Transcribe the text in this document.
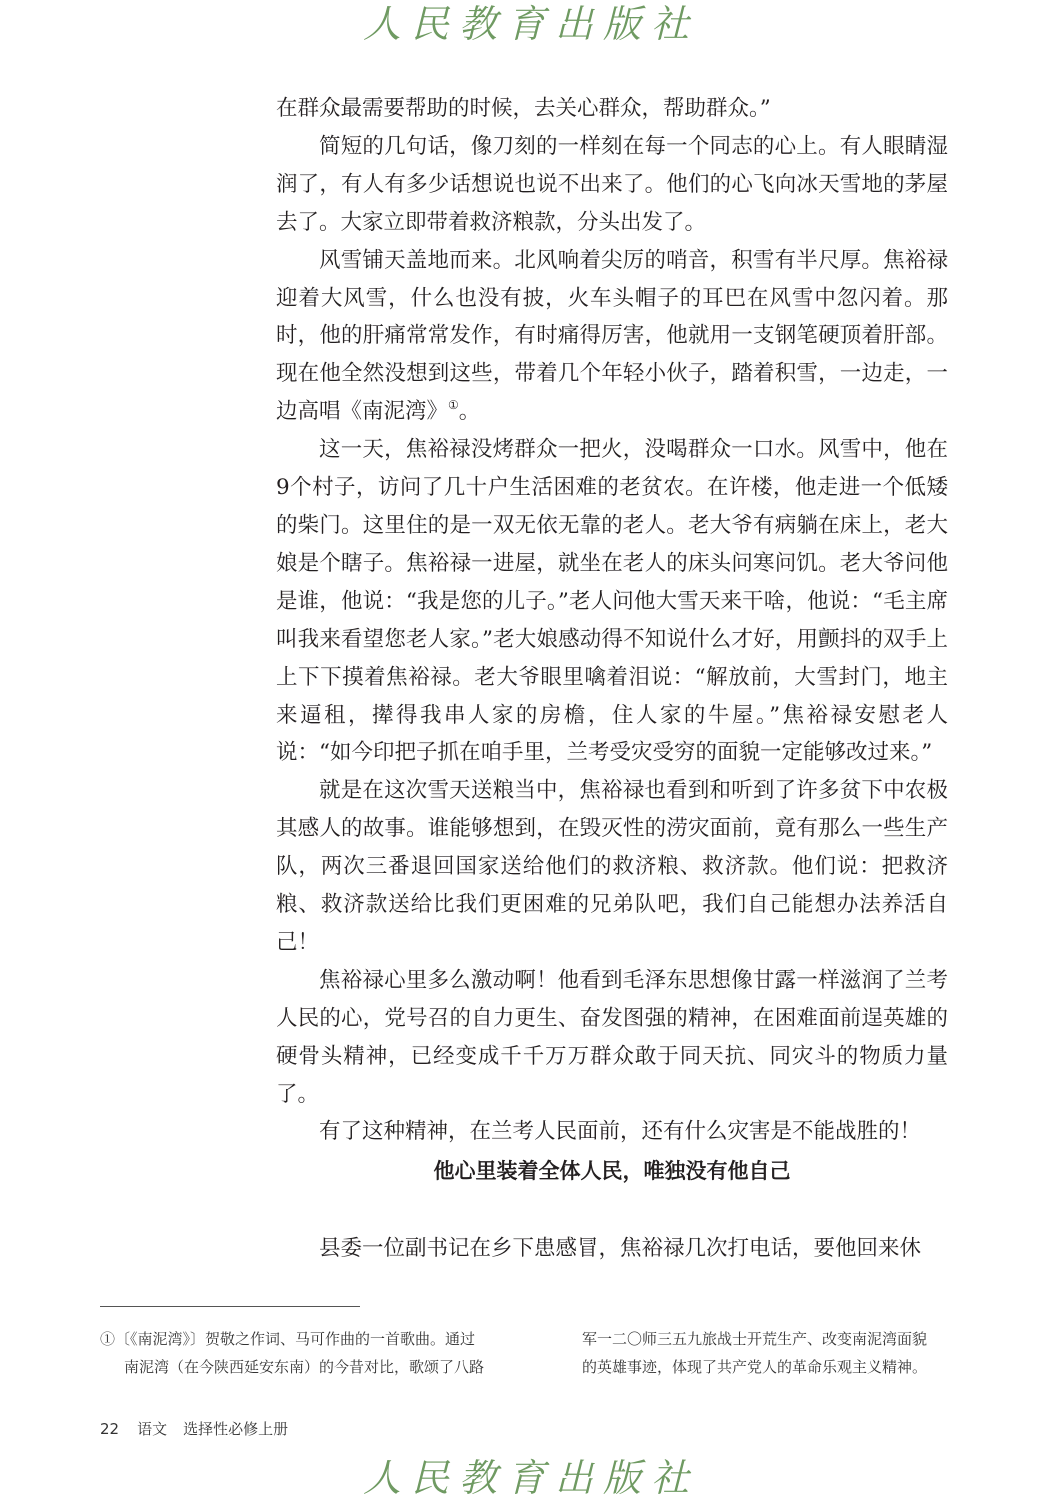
人民教育出版社

在群众最需要帮助的时候，去关心群众，帮助群众。”

简短的几句话，像刀刻的一样刻在每一个同志的心上。有人眼睛湿润了，有人有多少话想说也说不出来了。他们的心飞向冰天雪地的茅屋去了。大家立即带着救济粮款，分头出发了。

风雪铺天盖地而来。北风响着尖厉的哨音，积雪有半尺厚。焦裕禄迎着大风雪，什么也没有披，火车头帽子的耳巴在风雪中忽闪着。那时，他的肝痛常常发作，有时痛得厉害，他就用一支钢笔硬顶着肝部。现在他全然没想到这些，带着几个年轻小伙子，踏着积雪，一边走，一边高唱《南泥湾》①。

这一天，焦裕禄没烤群众一把火，没喝群众一口水。风雪中，他在9个村子，访问了几十户生活困难的老贫农。在许楼，他走进一个低矮的柴门。这里住的是一双无依无靠的老人。老大爷有病躺在床上，老大娘是个瞎子。焦裕禄一进屋，就坐在老人的床头问寒问饥。老大爷问他是谁，他说：“我是您的儿子。”老人问他大雪天来干啥，他说：“毛主席叫我来看望您老人家。”老大娘感动得不知说什么才好，用颤抖的双手上上下下摸着焦裕禄。老大爷眼里噙着泪说：“解放前，大雪封门，地主来逼租，撵得我串人家的房檐，住人家的牛屋。”焦裕禄安慰老人说：“如今印把子抓在咱手里，兰考受灾受穷的面貌一定能够改过来。”

就是在这次雪天送粮当中，焦裕禄也看到和听到了许多贫下中农极其感人的故事。谁能够想到，在毁灭性的涝灾面前，竟有那么一些生产队，两次三番退回国家送给他们的救济粮、救济款。他们说：把救济粮、救济款送给比我们更困难的兄弟队吧，我们自己能想办法养活自己！

焦裕禄心里多么激动啊！他看到毛泽东思想像甘露一样滋润了兰考人民的心，党号召的自力更生、奋发图强的精神，在困难面前逞英雄的硬骨头精神，已经变成千千万万群众敢于同天抗、同灾斗的物质力量了。

有了这种精神，在兰考人民面前，还有什么灾害是不能战胜的！

他心里装着全体人民，唯独没有他自己

县委一位副书记在乡下患感冒，焦裕禄几次打电话，要他回来休

①〔《南泥湾》〕贺敬之作词、马可作曲的一首歌曲。通过
南泥湾（在今陕西延安东南）的今昔对比，歌颂了八路
军一二〇师三五九旅战士开荒生产、改变南泥湾面貌
的英雄事迹，体现了共产党人的革命乐观主义精神。
22 语文 选择性必修上册
人民教育出版社
